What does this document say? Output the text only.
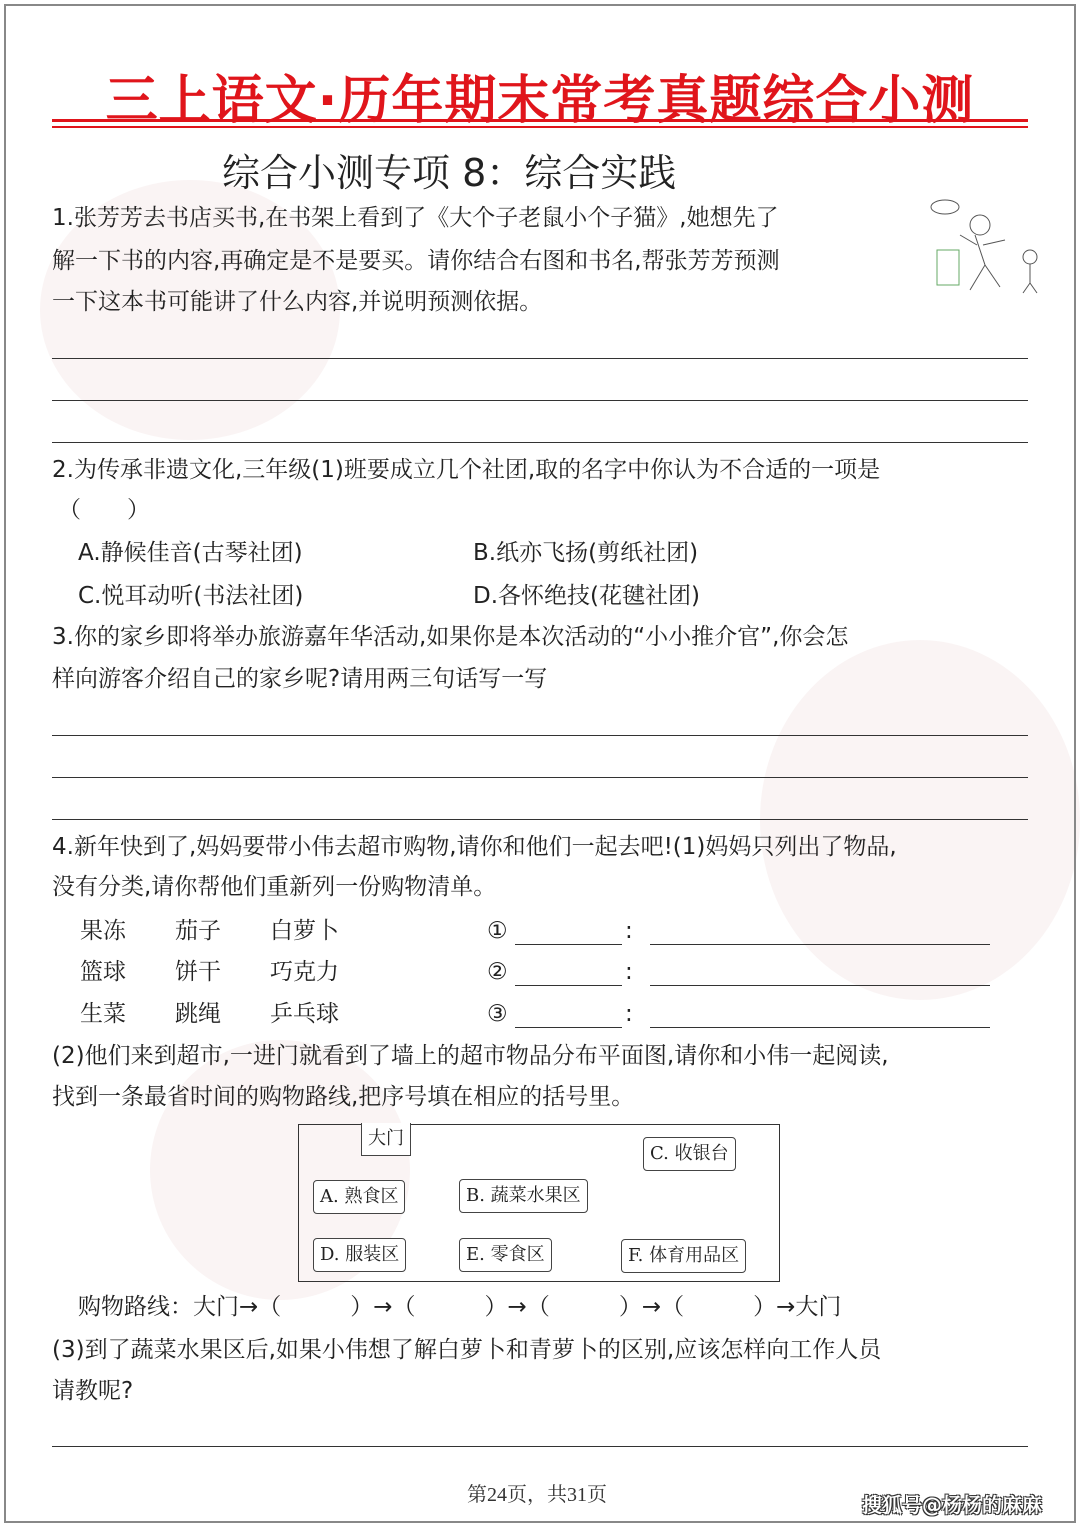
三上语文·历年期末常考真题综合小测
综合小测专项 8：综合实践
1.张芳芳去书店买书,在书架上看到了《大个子老鼠小个子猫》,她想先了
解一下书的内容,再确定是不是要买。请你结合右图和书名,帮张芳芳预测
一下这本书可能讲了什么内容,并说明预测依据。
2.为传承非遗文化,三年级(1)班要成立几个社团,取的名字中你认为不合适的一项是
（　　）
A.静候佳音(古琴社团)	B.纸亦飞扬(剪纸社团)
C.悦耳动听(书法社团)	D.各怀绝技(花毽社团)
3.你的家乡即将举办旅游嘉年华活动,如果你是本次活动的“小小推介官”,你会怎
样向游客介绍自己的家乡呢?请用两三句话写一写
4.新年快到了,妈妈要带小伟去超市购物,请你和他们一起去吧!(1)妈妈只列出了物品,
没有分类,请你帮他们重新列一份购物清单。
果冻 茄子 白萝卜
篮球 饼干 巧克力
生菜 跳绳 乒乓球
①	:
②	:
③	:
(2)他们来到超市,一进门就看到了墙上的超市物品分布平面图,请你和小伟一起阅读,
找到一条最省时间的购物路线,把序号填在相应的括号里。
大门
C. 收银台
A. 熟食区	B. 蔬菜水果区
D. 服装区	E. 零食区	F. 体育用品区
购物路线：大门→（　　　）→（　　　）→（　　　）→（　　　）→大门
(3)到了蔬菜水果区后,如果小伟想了解白萝卜和青萝卜的区别,应该怎样向工作人员
请教呢?
第24页，共31页	搜狐号@杨杨的麻麻
